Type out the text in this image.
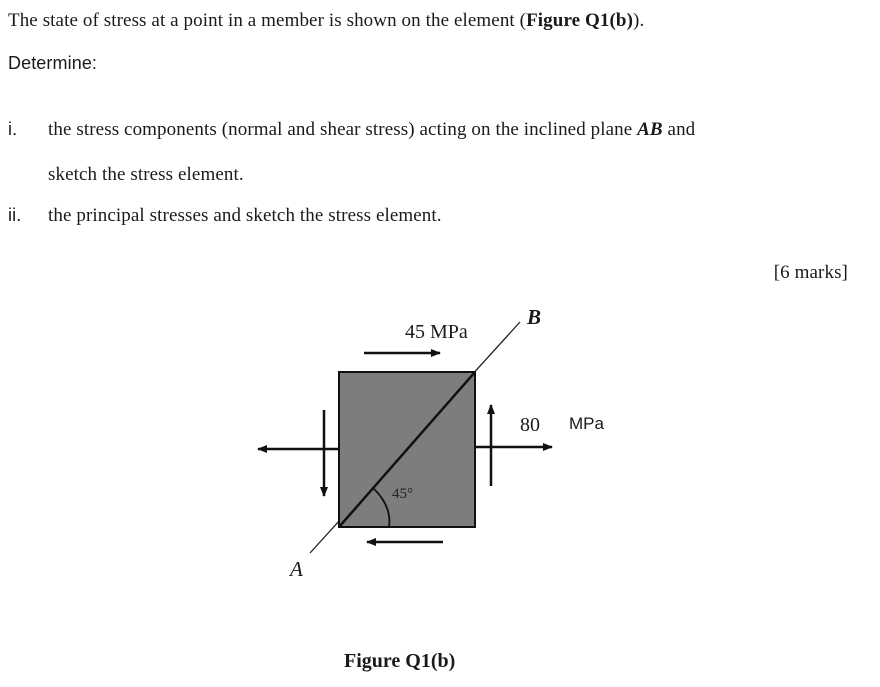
The state of stress at a point in a member is shown on the element (Figure Q1(b)).
Determine:
i. the stress components (normal and shear stress) acting on the inclined plane AB and
sketch the stress element.
ii. the principal stresses and sketch the stress element.
[6 marks]
45 MPa
80 MPa
45°
B
A
Figure Q1(b)
